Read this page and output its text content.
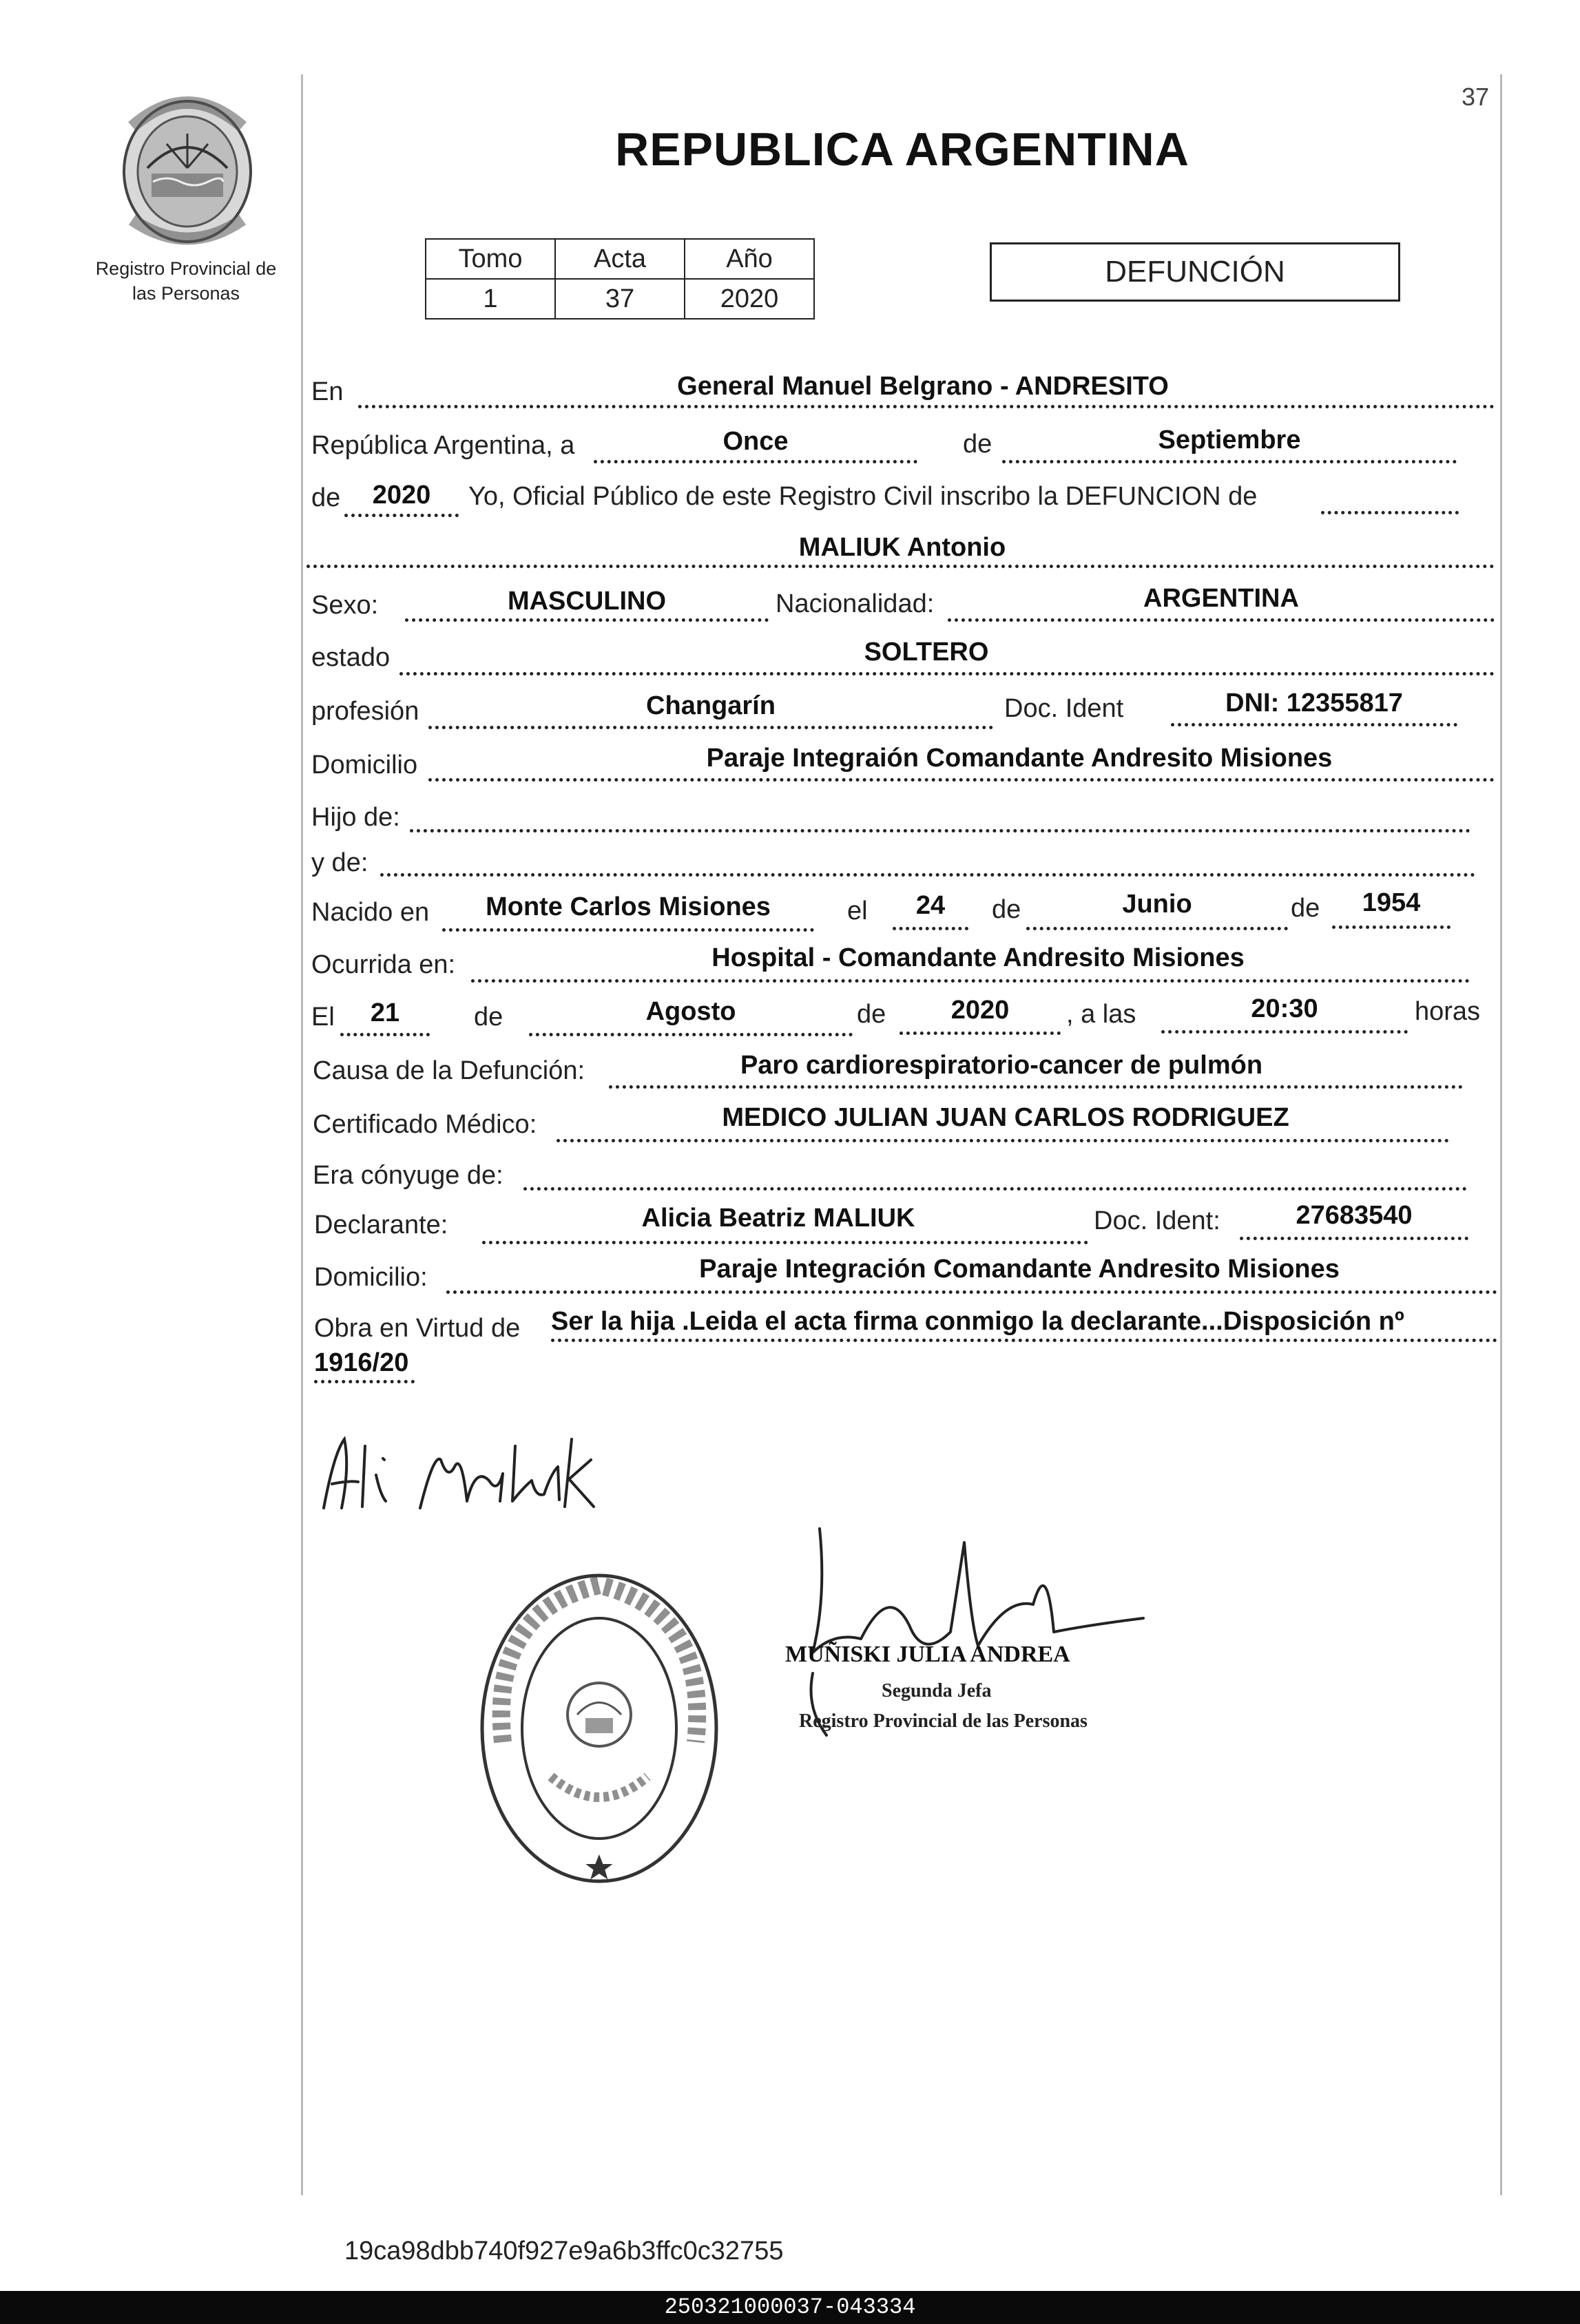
37
Registro Provincial de las Personas
REPUBLICA ARGENTINA
Tomo	Acta	Año
1	37	2020
DEFUNCIÓN
En	General Manuel Belgrano - ANDRESITO
República Argentina, a	Once	de	Septiembre
de	2020	Yo, Oficial Público de este Registro Civil inscribo la DEFUNCION de
MALIUK Antonio
Sexo:	MASCULINO	Nacionalidad:	ARGENTINA
estado	SOLTERO
profesión	Changarín	Doc. Ident	DNI: 12355817
Domicilio	Paraje Integraión Comandante Andresito Misiones
Hijo de:
y de:
Nacido en	Monte Carlos Misiones	el	24	de	Junio	de	1954
Ocurrida en:	Hospital - Comandante Andresito Misiones
El	21	de	Agosto	de	2020	, a las	20:30	horas
Causa de la Defunción:	Paro cardiorespiratorio-cancer de pulmón
Certificado Médico:	MEDICO JULIAN JUAN CARLOS RODRIGUEZ
Era cónyuge de:
Declarante:	Alicia Beatriz MALIUK	Doc. Ident:	27683540
Domicilio:	Paraje Integración Comandante Andresito Misiones
Obra en Virtud de Ser la hija .Leida el acta firma conmigo la declarante...Disposición nº
1916/20
MUÑISKI JULIA ANDREA
Segunda Jefa
Registro Provincial de las Personas
19ca98dbb740f927e9a6b3ffc0c32755
250321000037-043334
